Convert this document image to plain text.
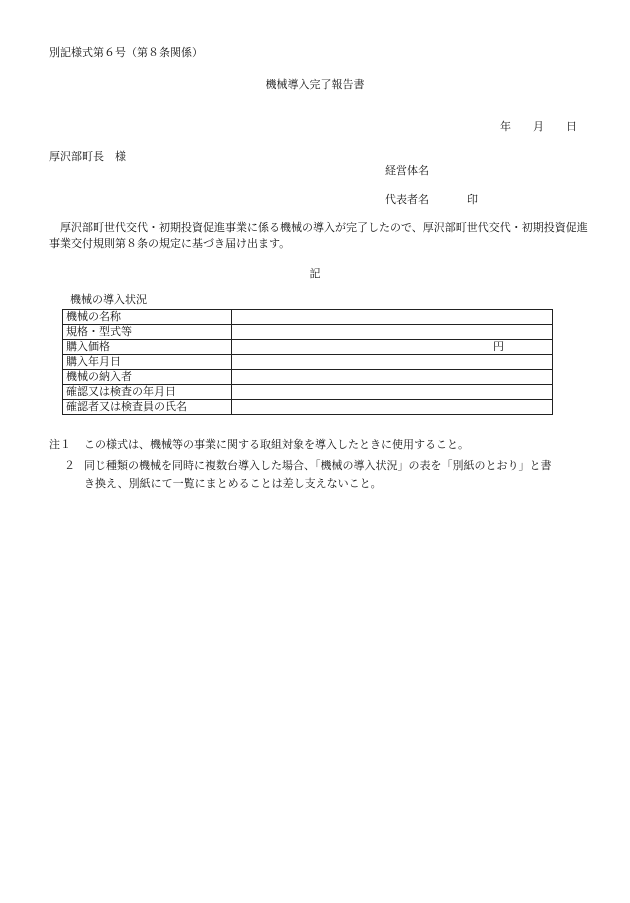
別記様式第６号（第８条関係）
機械導入完了報告書
年 月 日
厚沢部町長　様
経営体名
代表者名	印
厚沢部町世代交代・初期投資促進事業に係る機械の導入が完了したので、厚沢部町世代交代・初期投資促進事業交付規則第８条の規定に基づき届け出ます。
記
機械の導入状況
機械の名称	
規格・型式等	
購入価格	円
購入年月日	
機械の納入者	
確認又は検査の年月日	
確認者又は検査員の氏名	
注１ この様式は、機械等の事業に関する取組対象を導入したときに使用すること。
２ 同じ種類の機械を同時に複数台導入した場合、「機械の導入状況」の表を「別紙のとおり」と書
き換え、別紙にて一覧にまとめることは差し支えないこと。
